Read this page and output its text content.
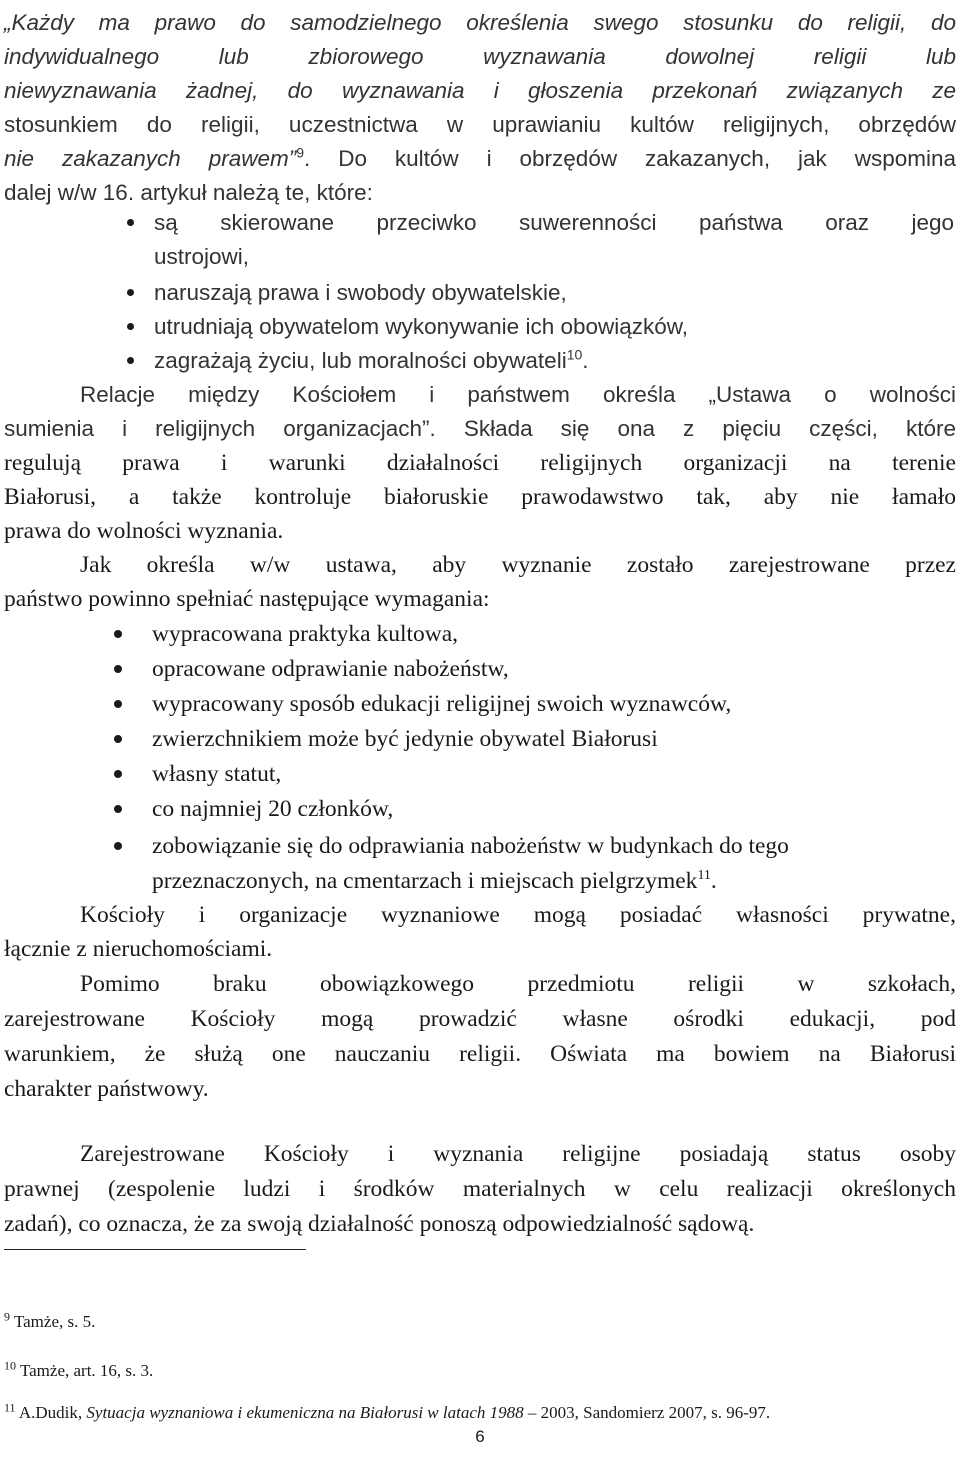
„Każdy ma prawo do samodzielnego określenia swego stosunku do religii, do

indywidualnego lub zbiorowego wyznawania dowolnej religii lub

niewyznawania żadnej, do wyznawania i głoszenia przekonań związanych ze

stosunkiem do religii, uczestnictwa w uprawianiu kultów religijnych, obrzędów

nie zakazanych prawem”$^9$. Do kultów i obrzędów zakazanych, jak wspomina

dalej w/w 16. artykuł należą te, które:

są skierowane przeciwko suwerenności państwa oraz jego

ustrojowi,

naruszają prawa i swobody obywatelskie,

utrudniają obywatelom wykonywanie ich obowiązków,

zagrażają życiu, lub moralności obywateli$^{10}$.

Relacje między Kościołem i państwem określa „Ustawa o wolności

sumienia i religijnych organizacjach”. Składa się ona z pięciu części, które

regulują prawa i warunki działalności religijnych organizacji na terenie

Białorusi, a także kontroluje białoruskie prawodawstwo tak, aby nie łamało

prawa do wolności wyznania.

Jak określa w/w ustawa, aby wyznanie zostało zarejestrowane przez

państwo powinno spełniać następujące wymagania:

wypracowana praktyka kultowa,

opracowane odprawianie nabożeństw,

wypracowany sposób edukacji religijnej swoich wyznawców,

zwierzchnikiem może być jedynie obywatel Białorusi

własny statut,

co najmniej 20 członków,

zobowiązanie się do odprawiania nabożeństw w budynkach do tego

przeznaczonych, na cmentarzach i miejscach pielgrzymek$^{11}$.

Kościoły i organizacje wyznaniowe mogą posiadać własności prywatne,

łącznie z nieruchomościami.

Pomimo braku obowiązkowego przedmiotu religii w szkołach,

zarejestrowane Kościoły mogą prowadzić własne ośrodki edukacji, pod

warunkiem, że służą one nauczaniu religii. Oświata ma bowiem na Białorusi

charakter państwowy.

Zarejestrowane Kościoły i wyznania religijne posiadają status osoby

prawnej (zespolenie ludzi i środków materialnych w celu realizacji określonych

zadań), co oznacza, że za swoją działalność ponoszą odpowiedzialność sądową.

$^9$ Tamże, s. 5.

$^{10}$ Tamże, art. 16, s. 3.

$^{11}$ A.Dudik, Sytuacja wyznaniowa i ekumeniczna na Białorusi w latach 1988 – 2003, Sandomierz 2007, s. 96-97.

6
